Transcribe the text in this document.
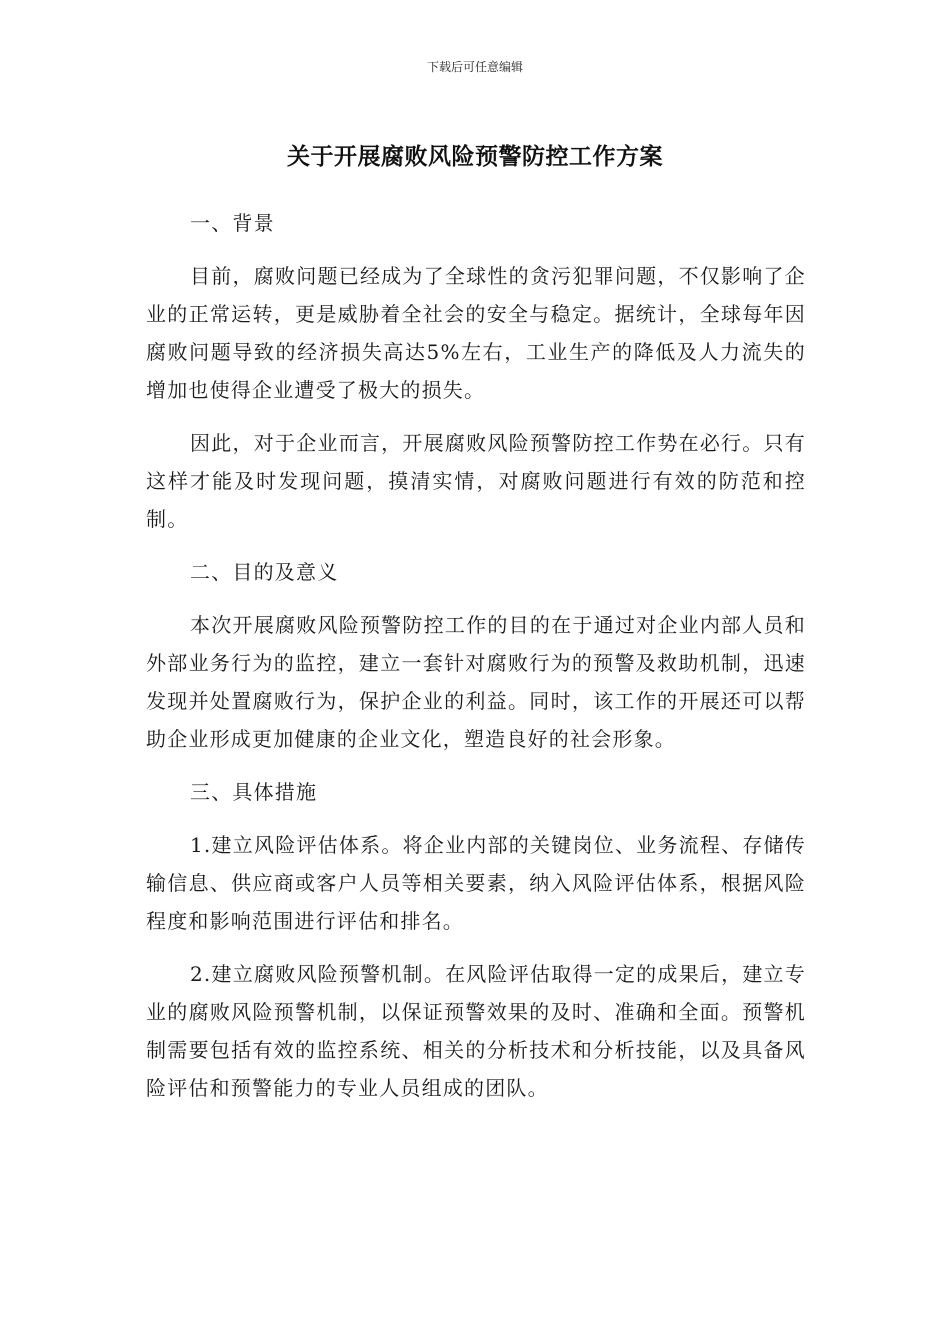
下载后可任意编辑
关于开展腐败风险预警防控工作方案
一、背景

目前，腐败问题已经成为了全球性的贪污犯罪问题，不仅影响了企业的正常运转，更是威胁着全社会的安全与稳定。据统计，全球每年因腐败问题导致的经济损失高达5%左右，工业生产的降低及人力流失的增加也使得企业遭受了极大的损失。

因此，对于企业而言，开展腐败风险预警防控工作势在必行。只有这样才能及时发现问题，摸清实情，对腐败问题进行有效的防范和控制。

二、目的及意义

本次开展腐败风险预警防控工作的目的在于通过对企业内部人员和外部业务行为的监控，建立一套针对腐败行为的预警及救助机制，迅速发现并处置腐败行为，保护企业的利益。同时，该工作的开展还可以帮助企业形成更加健康的企业文化，塑造良好的社会形象。

三、具体措施

1.建立风险评估体系。将企业内部的关键岗位、业务流程、存储传输信息、供应商或客户人员等相关要素，纳入风险评估体系，根据风险程度和影响范围进行评估和排名。

2.建立腐败风险预警机制。在风险评估取得一定的成果后，建立专业的腐败风险预警机制，以保证预警效果的及时、准确和全面。预警机制需要包括有效的监控系统、相关的分析技术和分析技能，以及具备风险评估和预警能力的专业人员组成的团队。
